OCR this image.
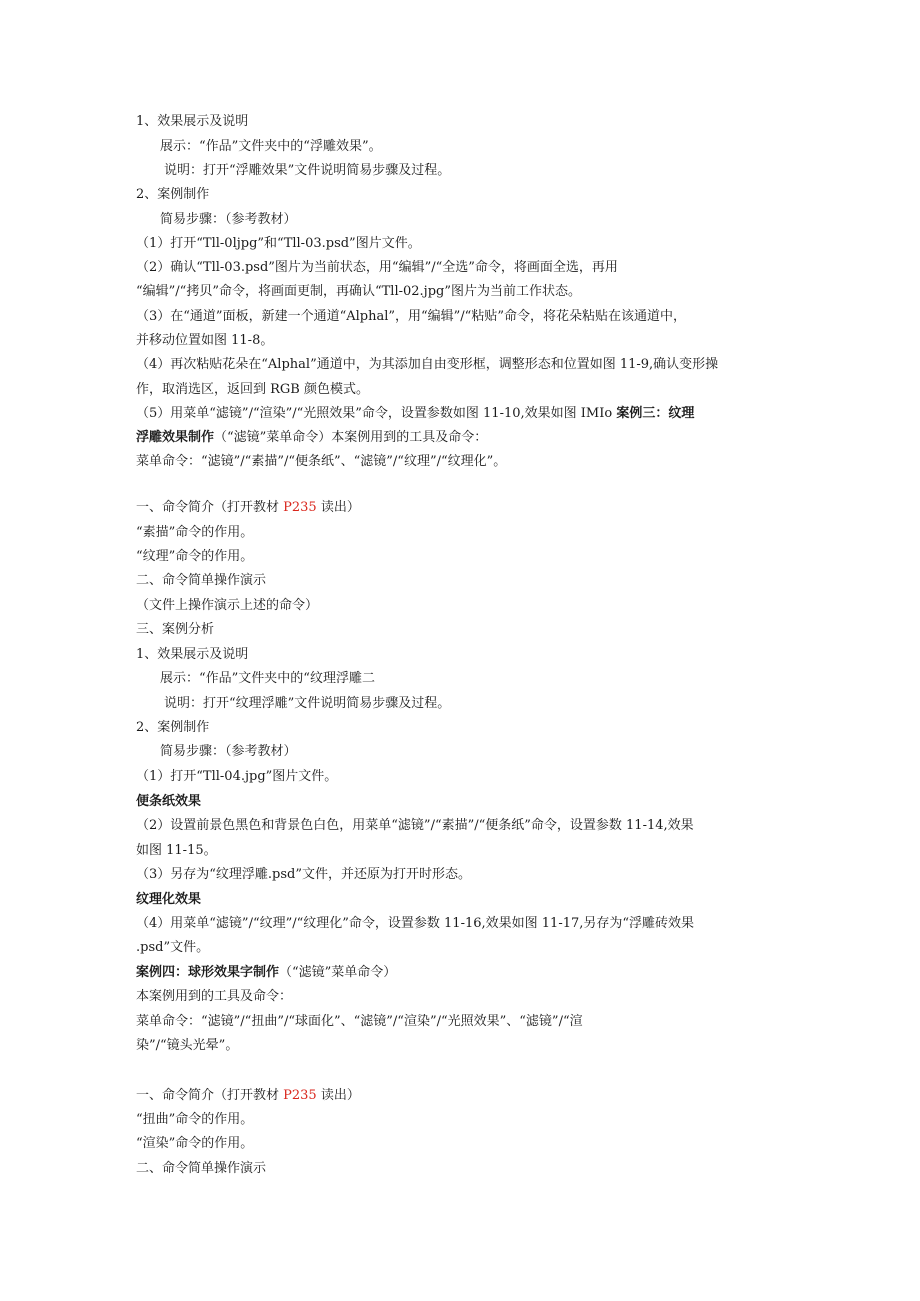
1、效果展示及说明
展示：“作品”文件夹中的“浮雕效果”。
说明：打开“浮雕效果”文件说明简易步骤及过程。
2、案例制作
简易步骤：（参考教材）
（1）打开“Tll-0ljpg”和“Tll-03.psd”图片文件。
（2）确认“Tll-03.psd”图片为当前状态，用“编辑”/“全选”命令，将画面全选，再用
“编辑”/“拷贝”命令，将画面更制，再确认“Tll-02.jpg”图片为当前工作状态。
（3）在“通道”面板，新建一个通道“Alphal”，用“编辑”/“粘贴”命令，将花朵粘贴在该通道中，
并移动位置如图 11-8。
（4）再次粘贴花朵在“Alphal”通道中，为其添加自由变形框，调整形态和位置如图 11-9,确认变形操
作，取消选区，返回到 RGB 颜色模式。
（5）用菜单“滤镜”/“渲染”/“光照效果”命令，设置参数如图 11-10,效果如图 IMIo 案例三：纹理
浮雕效果制作（“滤镜”菜单命令）本案例用到的工具及命令：
菜单命令：“滤镜”/“素描”/“便条纸”、“滤镜”/“纹理”/“纹理化”。
一、命令简介（打开教材 P235 读出）
“素描”命令的作用。
“纹理”命令的作用。
二、命令简单操作演示
（文件上操作演示上述的命令）
三、案例分析
1、效果展示及说明
展示：“作品”文件夹中的“纹理浮雕二
说明：打开“纹理浮雕”文件说明简易步骤及过程。
2、案例制作
简易步骤：（参考教材）
（1）打开“Tll-04.jpg”图片文件。
便条纸效果
（2）设置前景色黑色和背景色白色，用菜单“滤镜”/“素描”/“便条纸”命令，设置参数 11-14,效果
如图 11-15。
（3）另存为“纹理浮雕.psd”文件，并还原为打开时形态。
纹理化效果
（4）用菜单“滤镜”/“纹理”/“纹理化”命令，设置参数 11-16,效果如图 11-17,另存为“浮雕砖效果
.psd”文件。
案例四：球形效果字制作（“滤镜”菜单命令）
本案例用到的工具及命令：
菜单命令：“滤镜”/“扭曲”/“球面化”、“滤镜”/“渲染”/“光照效果”、“滤镜”/“渲
染”/“镜头光晕”。
一、命令简介（打开教材 P235 读出）
“扭曲”命令的作用。
“渲染”命令的作用。
二、命令简单操作演示
